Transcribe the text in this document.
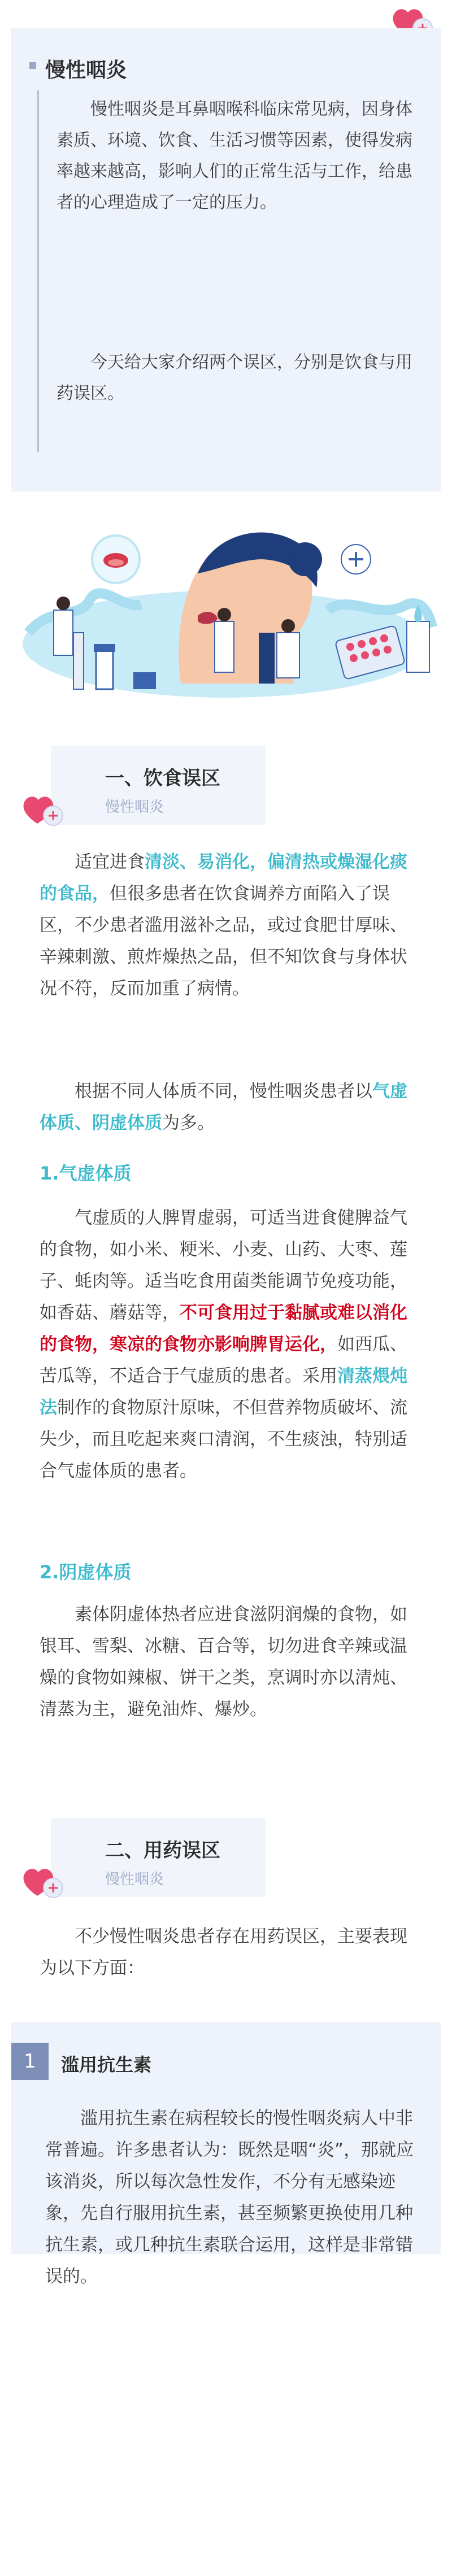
慢性咽炎

慢性咽炎是耳鼻咽喉科临床常见病，因身体素质、环境、饮食、生活习惯等因素，使得发病率越来越高，影响人们的正常生活与工作，给患者的心理造成了一定的压力。

今天给大家介绍两个误区，分别是饮食与用药误区。

一、饮食误区
慢性咽炎

适宜进食清淡、易消化，偏清热或燥湿化痰的食品，但很多患者在饮食调养方面陷入了误区，不少患者滥用滋补之品，或过食肥甘厚味、辛辣刺激、煎炸燥热之品，但不知饮食与身体状况不符，反而加重了病情。

根据不同人体质不同，慢性咽炎患者以气虚体质、阴虚体质为多。

1.气虚体质

气虚质的人脾胃虚弱，可适当进食健脾益气的食物，如小米、粳米、小麦、山药、大枣、莲子、蚝肉等。适当吃食用菌类能调节免疫功能，如香菇、蘑菇等，不可食用过于黏腻或难以消化的食物，寒凉的食物亦影响脾胃运化，如西瓜、苦瓜等，不适合于气虚质的患者。采用清蒸煨炖法制作的食物原汁原味，不但营养物质破坏、流失少，而且吃起来爽口清润，不生痰浊，特别适合气虚体质的患者。

2.阴虚体质

素体阴虚体热者应进食滋阴润燥的食物，如银耳、雪梨、冰糖、百合等，切勿进食辛辣或温燥的食物如辣椒、饼干之类，烹调时亦以清炖、清蒸为主，避免油炸、爆炒。

二、用药误区
慢性咽炎

不少慢性咽炎患者存在用药误区，主要表现为以下方面：

1	滥用抗生素

滥用抗生素在病程较长的慢性咽炎病人中非常普遍。许多患者认为：既然是咽“炎”，那就应该消炎，所以每次急性发作，不分有无感染迹象，先自行服用抗生素，甚至频繁更换使用几种抗生素，或几种抗生素联合运用，这样是非常错误的。
